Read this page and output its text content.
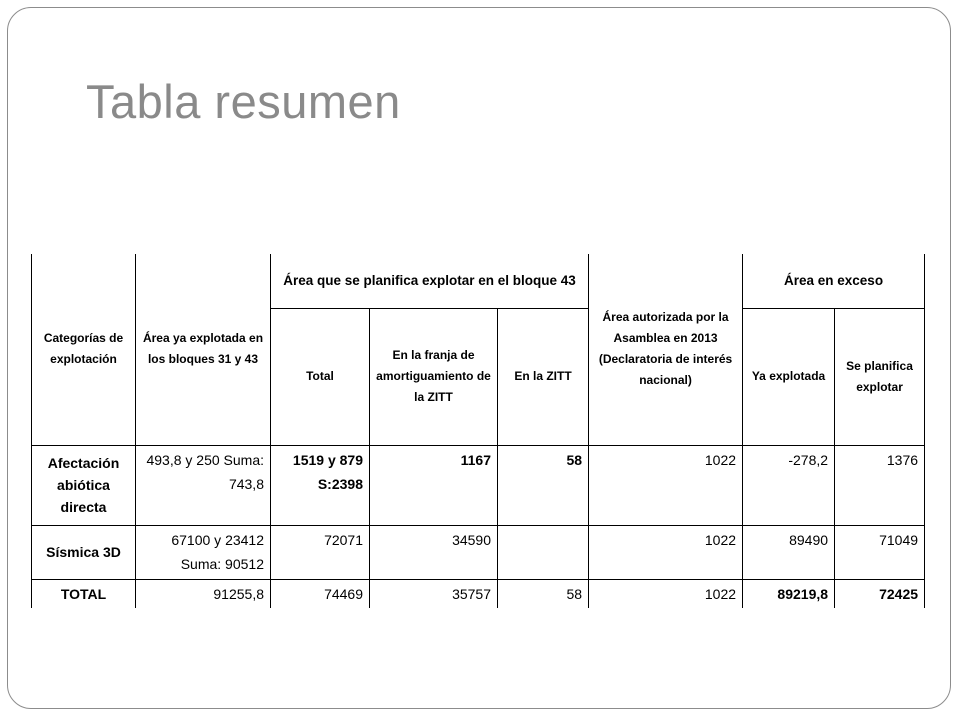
Tabla resumen
Categorías de explotación	Área ya explotada en los bloques 31 y 43	Área que se planifica explotar en el bloque 43			Área autorizada por la Asamblea en 2013 (Declaratoria de interés nacional)	Área en exceso	
		Total	En la franja de amortiguamiento de la ZITT	En la ZITT		Ya explotada	Se planifica explotar
Afectación abiótica directa	493,8 y 250 Suma: 743,8	1519 y 879 S:2398	1167	58	1022	-278,2	1376
Sísmica 3D	67100 y 23412 Suma: 90512	72071	34590		1022	89490	71049
TOTAL	91255,8	74469	35757	58	1022	89219,8	72425
